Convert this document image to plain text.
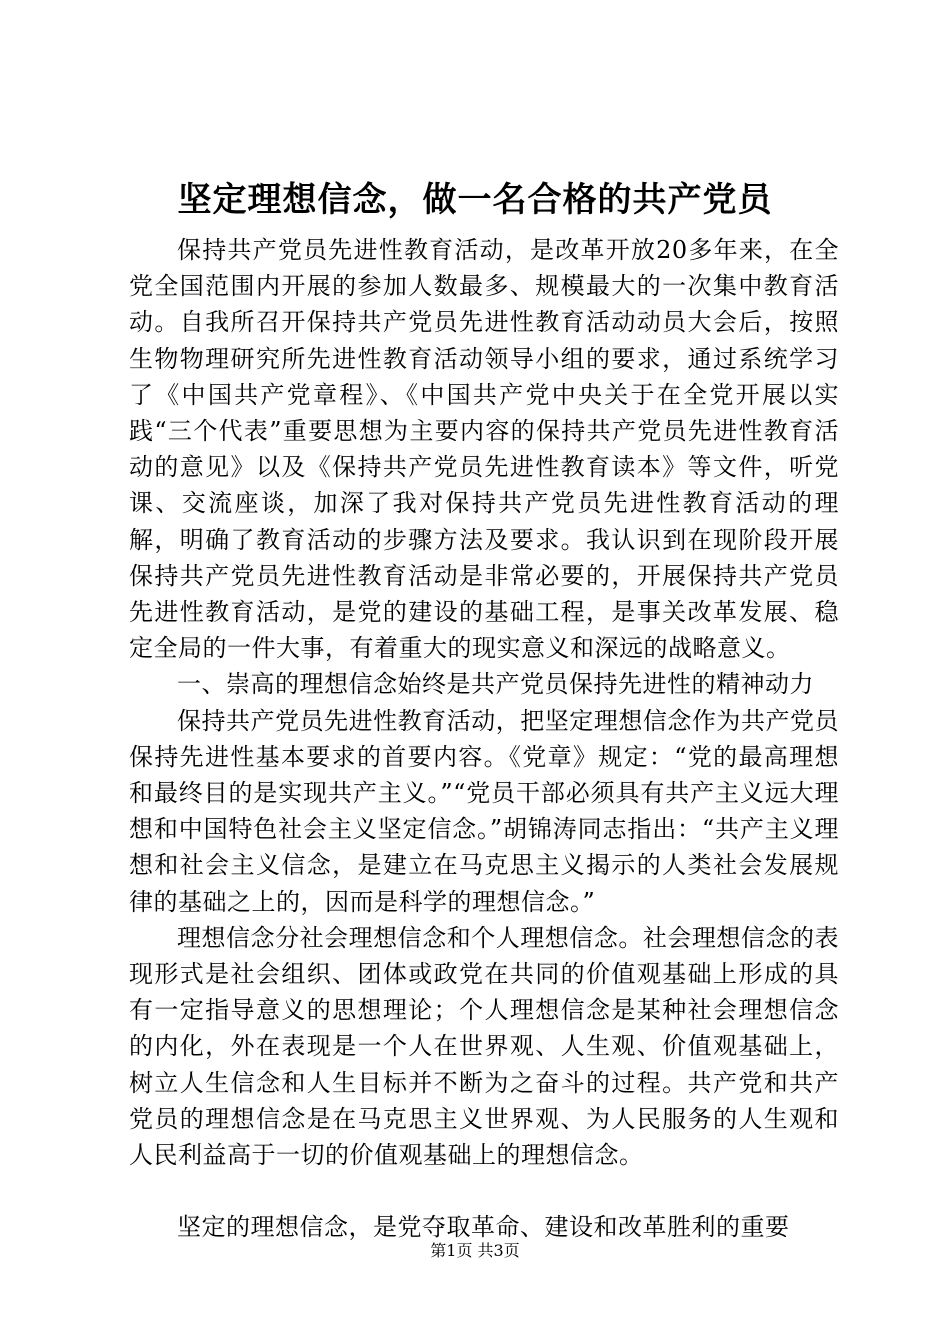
坚定理想信念，做一名合格的共产党员

保持共产党员先进性教育活动，是改革开放20多年来，在全党全国范围内开展的参加人数最多、规模最大的一次集中教育活动。自我所召开保持共产党员先进性教育活动动员大会后，按照生物物理研究所先进性教育活动领导小组的要求，通过系统学习了《中国共产党章程》、《中国共产党中央关于在全党开展以实践“三个代表”重要思想为主要内容的保持共产党员先进性教育活动的意见》以及《保持共产党员先进性教育读本》等文件，听党课、交流座谈，加深了我对保持共产党员先进性教育活动的理解，明确了教育活动的步骤方法及要求。我认识到在现阶段开展保持共产党员先进性教育活动是非常必要的，开展保持共产党员先进性教育活动，是党的建设的基础工程，是事关改革发展、稳定全局的一件大事，有着重大的现实意义和深远的战略意义。

一、崇高的理想信念始终是共产党员保持先进性的精神动力

保持共产党员先进性教育活动，把坚定理想信念作为共产党员保持先进性基本要求的首要内容。《党章》规定：“党的最高理想和最终目的是实现共产主义。”“党员干部必须具有共产主义远大理想和中国特色社会主义坚定信念。”胡锦涛同志指出：“共产主义理想和社会主义信念，是建立在马克思主义揭示的人类社会发展规律的基础之上的，因而是科学的理想信念。”

理想信念分社会理想信念和个人理想信念。社会理想信念的表现形式是社会组织、团体或政党在共同的价值观基础上形成的具有一定指导意义的思想理论；个人理想信念是某种社会理想信念的内化，外在表现是一个人在世界观、人生观、价值观基础上，树立人生信念和人生目标并不断为之奋斗的过程。共产党和共产党员的理想信念是在马克思主义世界观、为人民服务的人生观和人民利益高于一切的价值观基础上的理想信念。

坚定的理想信念，是党夺取革命、建设和改革胜利的重要

第1页 共3页
